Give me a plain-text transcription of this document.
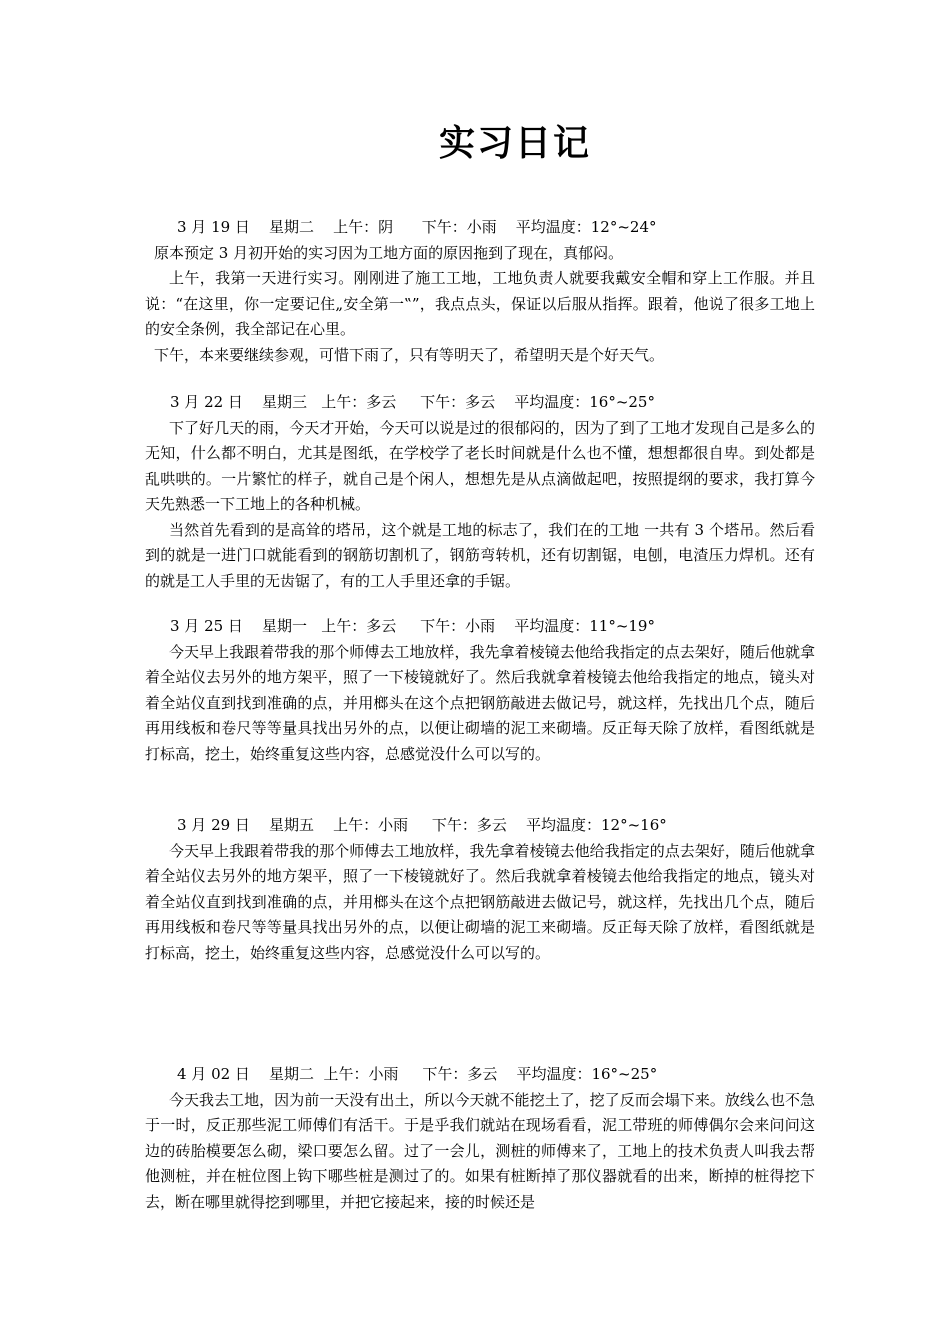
实习日记

3 月 19 日    星期二    上午：阴      下午：小雨    平均温度：12°~24°

原本预定 3 月初开始的实习因为工地方面的原因拖到了现在，真郁闷。

上午，我第一天进行实习。刚刚进了施工工地，工地负责人就要我戴安全帽和穿上工作服。并且说：“在这里，你一定要记住„安全第一‟”，我点点头，保证以后服从指挥。跟着，他说了很多工地上的安全条例，我全部记在心里。

下午，本来要继续参观，可惜下雨了，只有等明天了，希望明天是个好天气。

3 月 22 日    星期三   上午：多云     下午：多云    平均温度：16°~25°

下了好几天的雨，今天才开始，今天可以说是过的很郁闷的，因为了到了工地才发现自己是多么的无知，什么都不明白，尤其是图纸，在学校学了老长时间就是什么也不懂，想想都很自卑。到处都是乱哄哄的。一片繁忙的样子，就自己是个闲人，想想先是从点滴做起吧，按照提纲的要求，我打算今天先熟悉一下工地上的各种机械。

当然首先看到的是高耸的塔吊，这个就是工地的标志了，我们在的工地 一共有 3 个塔吊。然后看到的就是一进门口就能看到的钢筋切割机了，钢筋弯转机，还有切割锯，电刨，电渣压力焊机。还有的就是工人手里的无齿锯了，有的工人手里还拿的手锯。

3 月 25 日    星期一   上午：多云     下午：小雨    平均温度：11°~19°

今天早上我跟着带我的那个师傅去工地放样，我先拿着棱镜去他给我指定的点去架好，随后他就拿着全站仪去另外的地方架平，照了一下棱镜就好了。然后我就拿着棱镜去他给我指定的地点，镜头对着全站仪直到找到准确的点，并用榔头在这个点把钢筋敲进去做记号，就这样，先找出几个点，随后再用线板和卷尺等等量具找出另外的点，以便让砌墙的泥工来砌墙。反正每天除了放样，看图纸就是打标高，挖土，始终重复这些内容，总感觉没什么可以写的。

3 月 29 日    星期五    上午：小雨     下午：多云    平均温度：12°~16°

今天早上我跟着带我的那个师傅去工地放样，我先拿着棱镜去他给我指定的点去架好，随后他就拿着全站仪去另外的地方架平，照了一下棱镜就好了。然后我就拿着棱镜去他给我指定的地点，镜头对着全站仪直到找到准确的点，并用榔头在这个点把钢筋敲进去做记号，就这样，先找出几个点，随后再用线板和卷尺等等量具找出另外的点，以便让砌墙的泥工来砌墙。反正每天除了放样，看图纸就是打标高，挖土，始终重复这些内容，总感觉没什么可以写的。

4 月 02 日    星期二  上午：小雨     下午：多云    平均温度：16°~25°

今天我去工地，因为前一天没有出土，所以今天就不能挖土了，挖了反而会塌下来。放线么也不急于一时，反正那些泥工师傅们有活干。于是乎我们就站在现场看看，泥工带班的师傅偶尔会来问问这边的砖胎模要怎么砌，梁口要怎么留。过了一会儿，测桩的师傅来了，工地上的技术负责人叫我去帮他测桩，并在桩位图上钩下哪些桩是测过了的。如果有桩断掉了那仪器就看的出来，断掉的桩得挖下去，断在哪里就得挖到哪里，并把它接起来，接的时候还是
